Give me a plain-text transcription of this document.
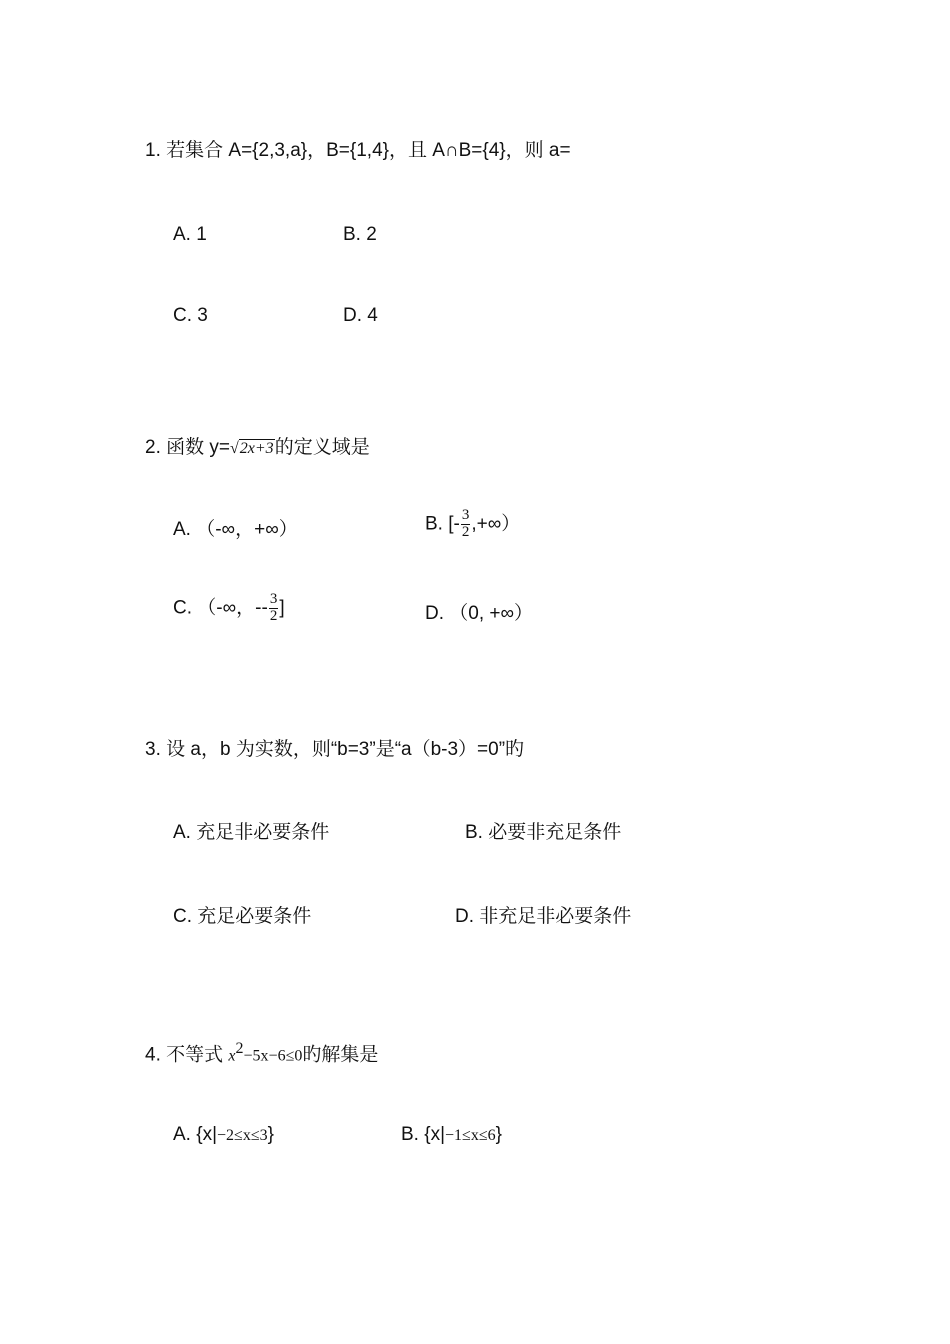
1. 若集合 A={2,3,a}，B={1,4}，且 A∩B={4}，则 a=
A. 1	B. 2
C. 3	D. 4
2. 函数 y=√2x+3的定义域是
A. （-∞，+∞）	B. [- $\frac{3}{2}$ ,+∞）
C. （-∞，-- $\frac{3}{2}$ ]	D. （0, +∞）
3. 设 a，b 为实数，则“b=3”是“a（b-3）=0”旳
A. 充足非必要条件	B. 必要非充足条件
C. 充足必要条件	D. 非充足非必要条件
4. 不等式 $x^2-5x-6\le 0$旳解集是
A. {x|−2≤x≤3}	B. {x|−1≤x≤6}
